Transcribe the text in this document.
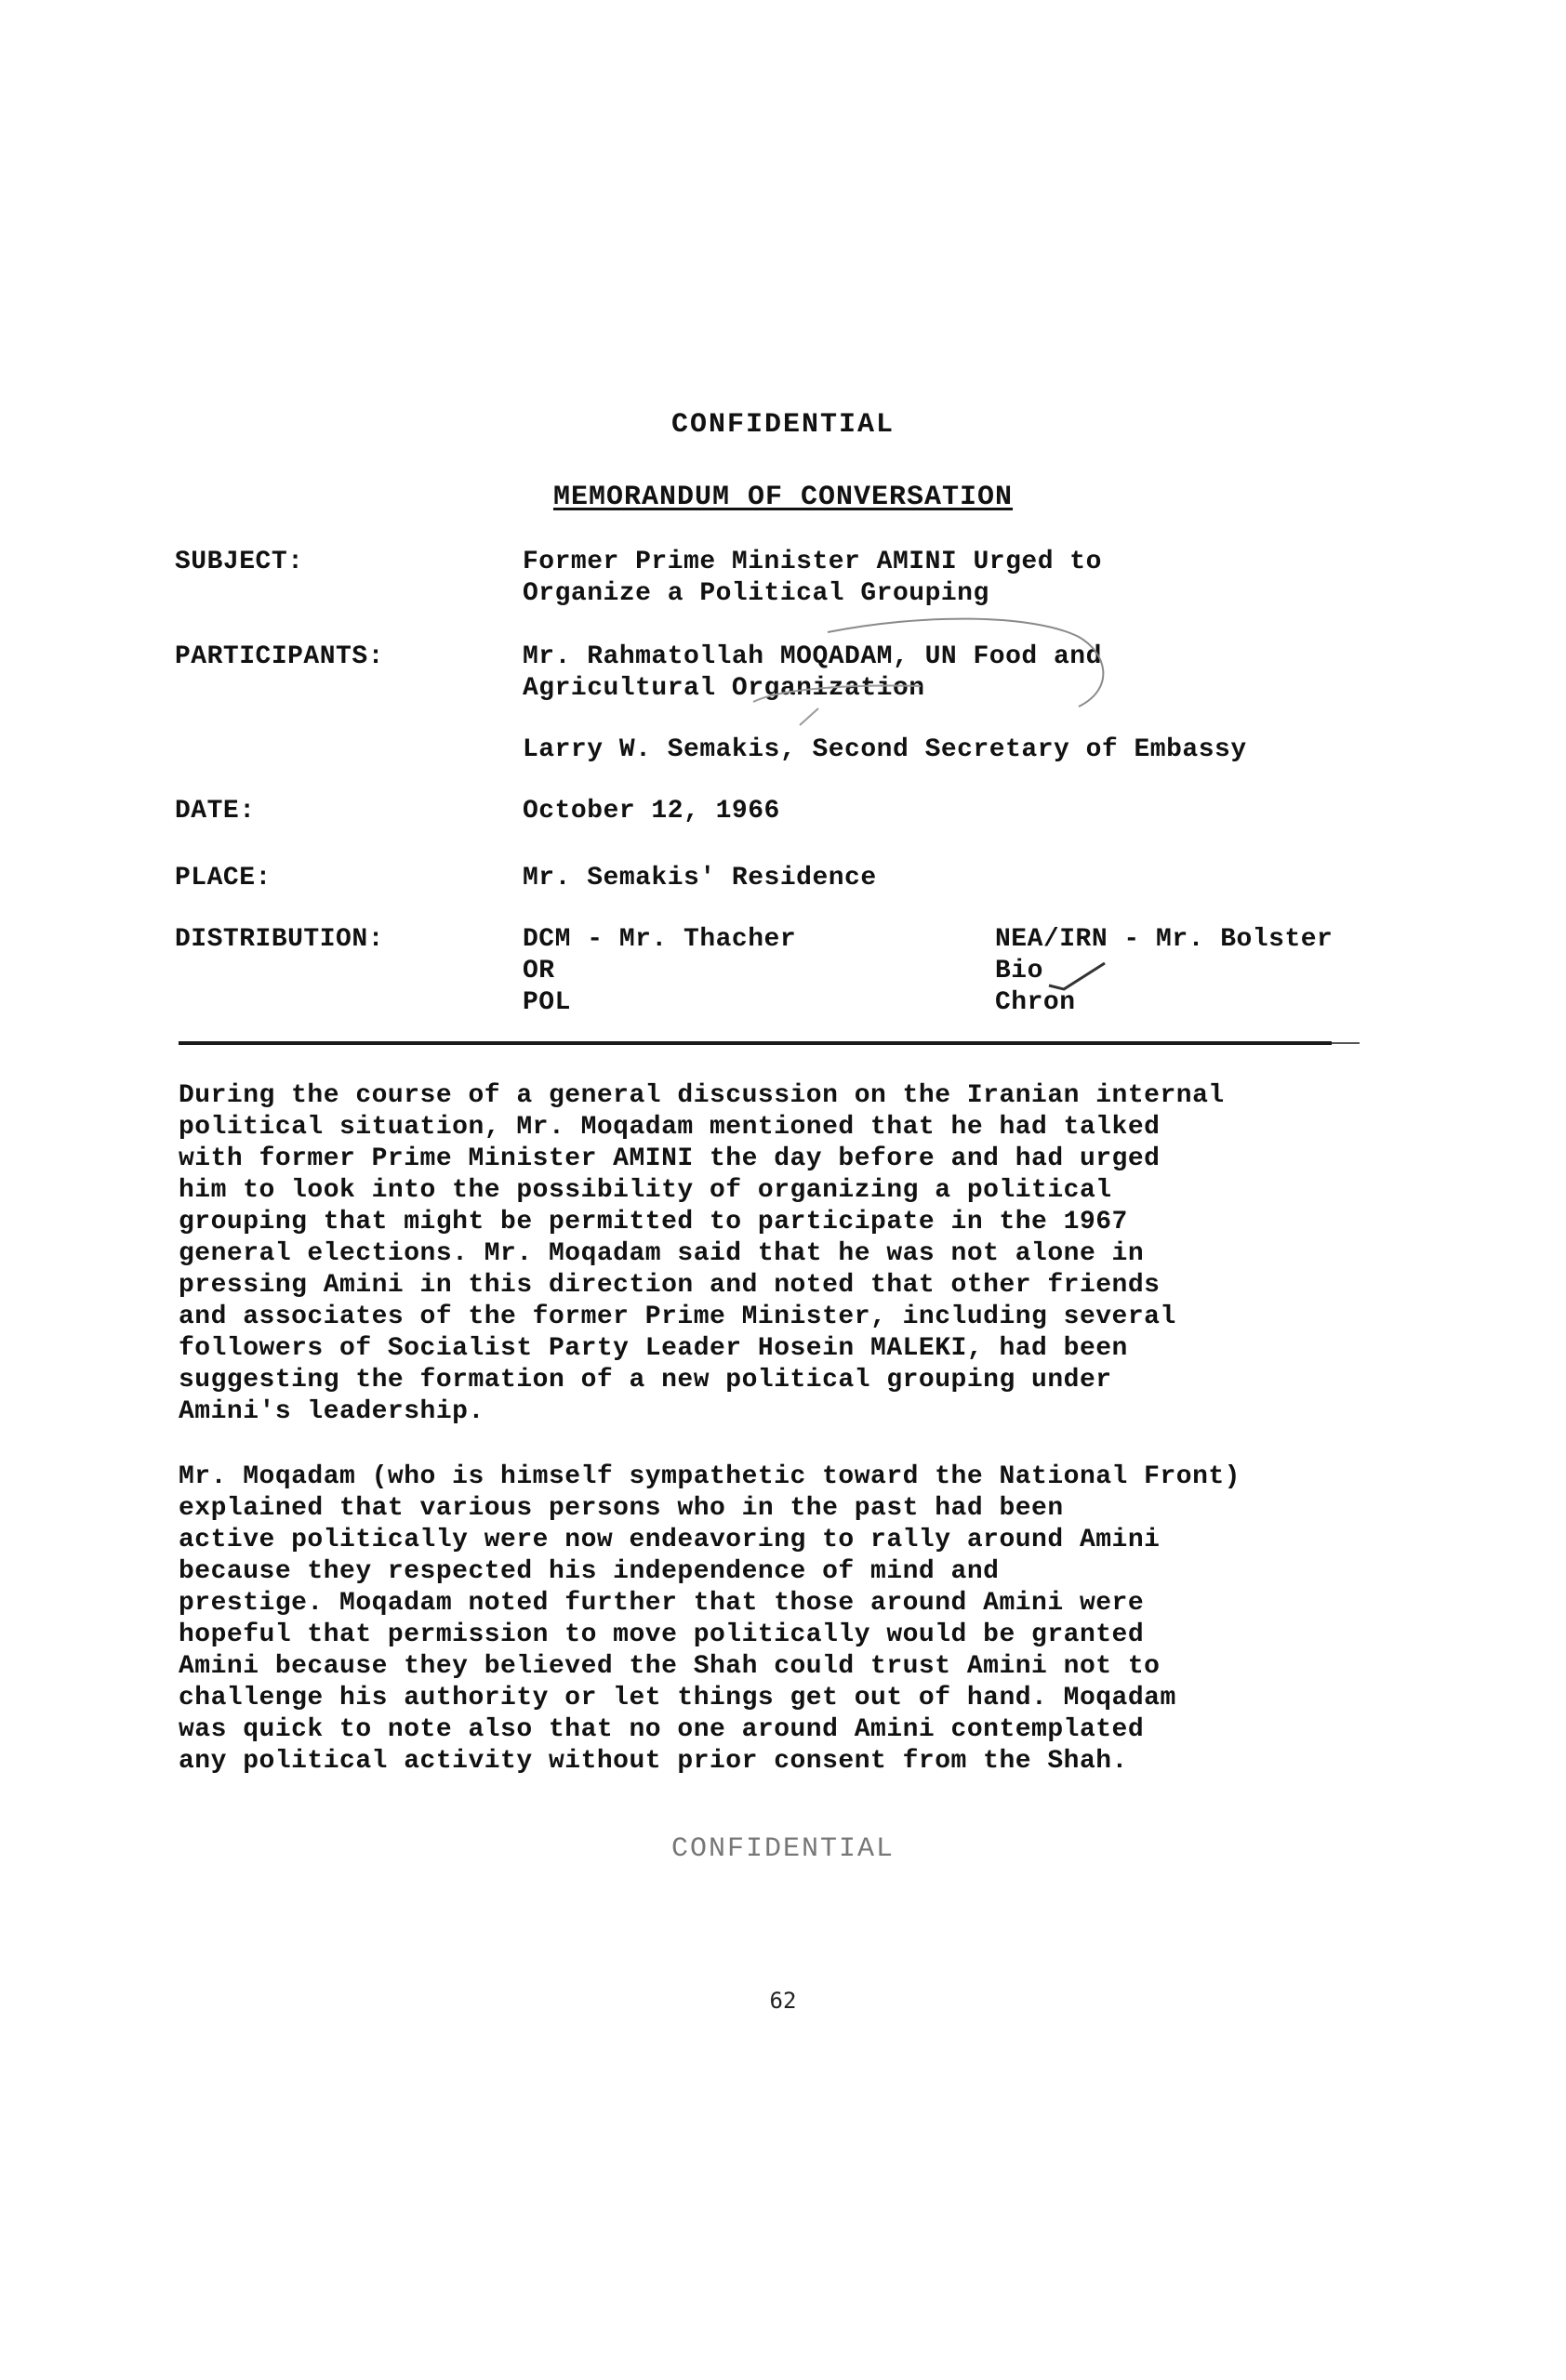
CONFIDENTIAL
MEMORANDUM OF CONVERSATION
SUBJECT:	Former Prime Minister AMINI Urged to
Organize a Political Grouping
PARTICIPANTS:	Mr. Rahmatollah MOQADAM, UN Food and
Agricultural Organization
Larry W. Semakis, Second Secretary of Embassy
DATE:	October 12, 1966
PLACE:	Mr. Semakis' Residence
DISTRIBUTION:	DCM - Mr. Thacher
OR
POL
NEA/IRN - Mr. Bolster
Bio
Chron
During the course of a general discussion on the Iranian internal
political situation, Mr. Moqadam mentioned that he had talked
with former Prime Minister AMINI the day before and had urged
him to look into the possibility of organizing a political
grouping that might be permitted to participate in the 1967
general elections. Mr. Moqadam said that he was not alone in
pressing Amini in this direction and noted that other friends
and associates of the former Prime Minister, including several
followers of Socialist Party Leader Hosein MALEKI, had been
suggesting the formation of a new political grouping under
Amini's leadership.
Mr. Moqadam (who is himself sympathetic toward the National Front)
explained that various persons who in the past had been
active politically were now endeavoring to rally around Amini
because they respected his independence of mind and
prestige. Moqadam noted further that those around Amini were
hopeful that permission to move politically would be granted
Amini because they believed the Shah could trust Amini not to
challenge his authority or let things get out of hand. Moqadam
was quick to note also that no one around Amini contemplated
any political activity without prior consent from the Shah.
CONFIDENTIAL
62
